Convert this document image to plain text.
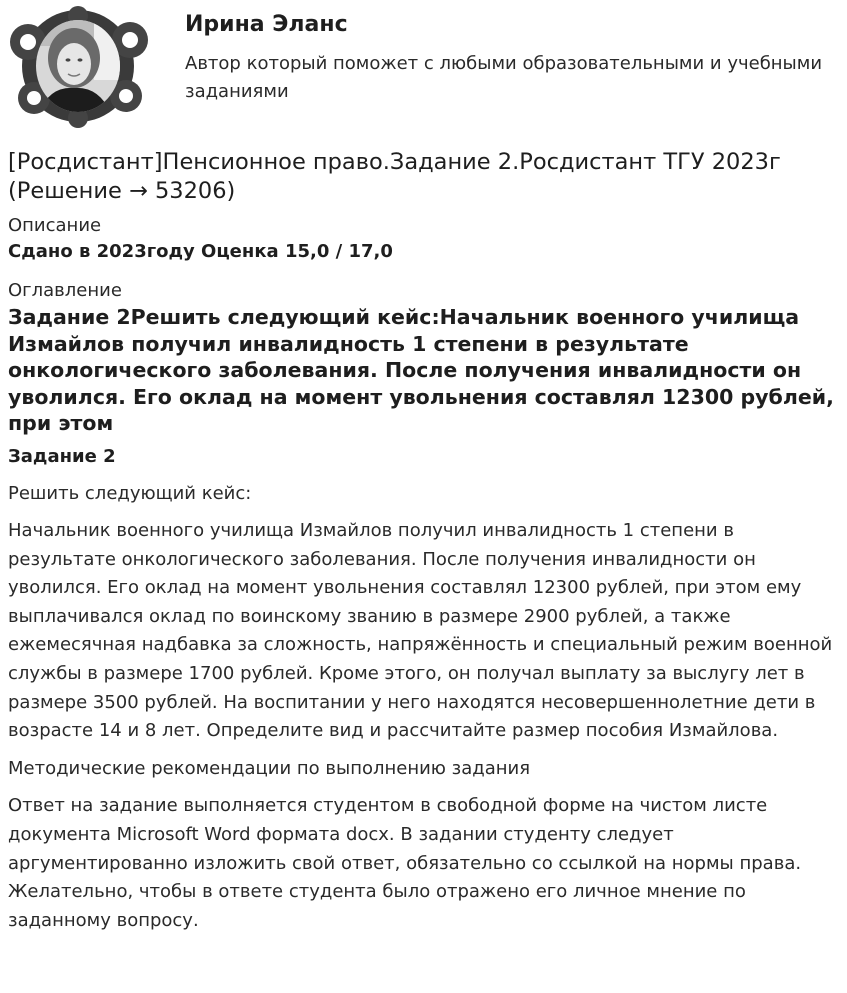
Ирина Эланс

Автор который поможет с любыми образовательными и учебными заданиями

[Росдистант]Пенсионное право.Задание 2.Росдистант ТГУ 2023г (Решение → 53206)

Описание

Сдано в 2023году Оценка 15,0 / 17,0

Оглавление

Задание 2Решить следующий кейс:Начальник военного училища Измайлов получил инвалидность 1 степени в результате онкологического заболевания. После получения инвалидности он уволился. Его оклад на момент увольнения составлял 12300 рублей, при этом

Задание 2

Решить следующий кейс:

Начальник военного училища Измайлов получил инвалидность 1 степени в результате онкологического заболевания. После получения инвалидности он уволился. Его оклад на момент увольнения составлял 12300 рублей, при этом ему выплачивался оклад по воинскому званию в размере 2900 рублей, а также ежемесячная надбавка за сложность, напряжённость и специальный режим военной службы в размере 1700 рублей. Кроме этого, он получал выплату за выслугу лет в размере 3500 рублей. На воспитании у него находятся несовершеннолетние дети в возрасте 14 и 8 лет. Определите вид и рассчитайте размер пособия Измайлова.

Методические рекомендации по выполнению задания

Ответ на задание выполняется студентом в свободной форме на чистом листе документа Microsoft Word формата docx. В задании студенту следует аргументированно изложить свой ответ, обязательно со ссылкой на нормы права. Желательно, чтобы в ответе студента было отражено его личное мнение по заданному вопросу.
